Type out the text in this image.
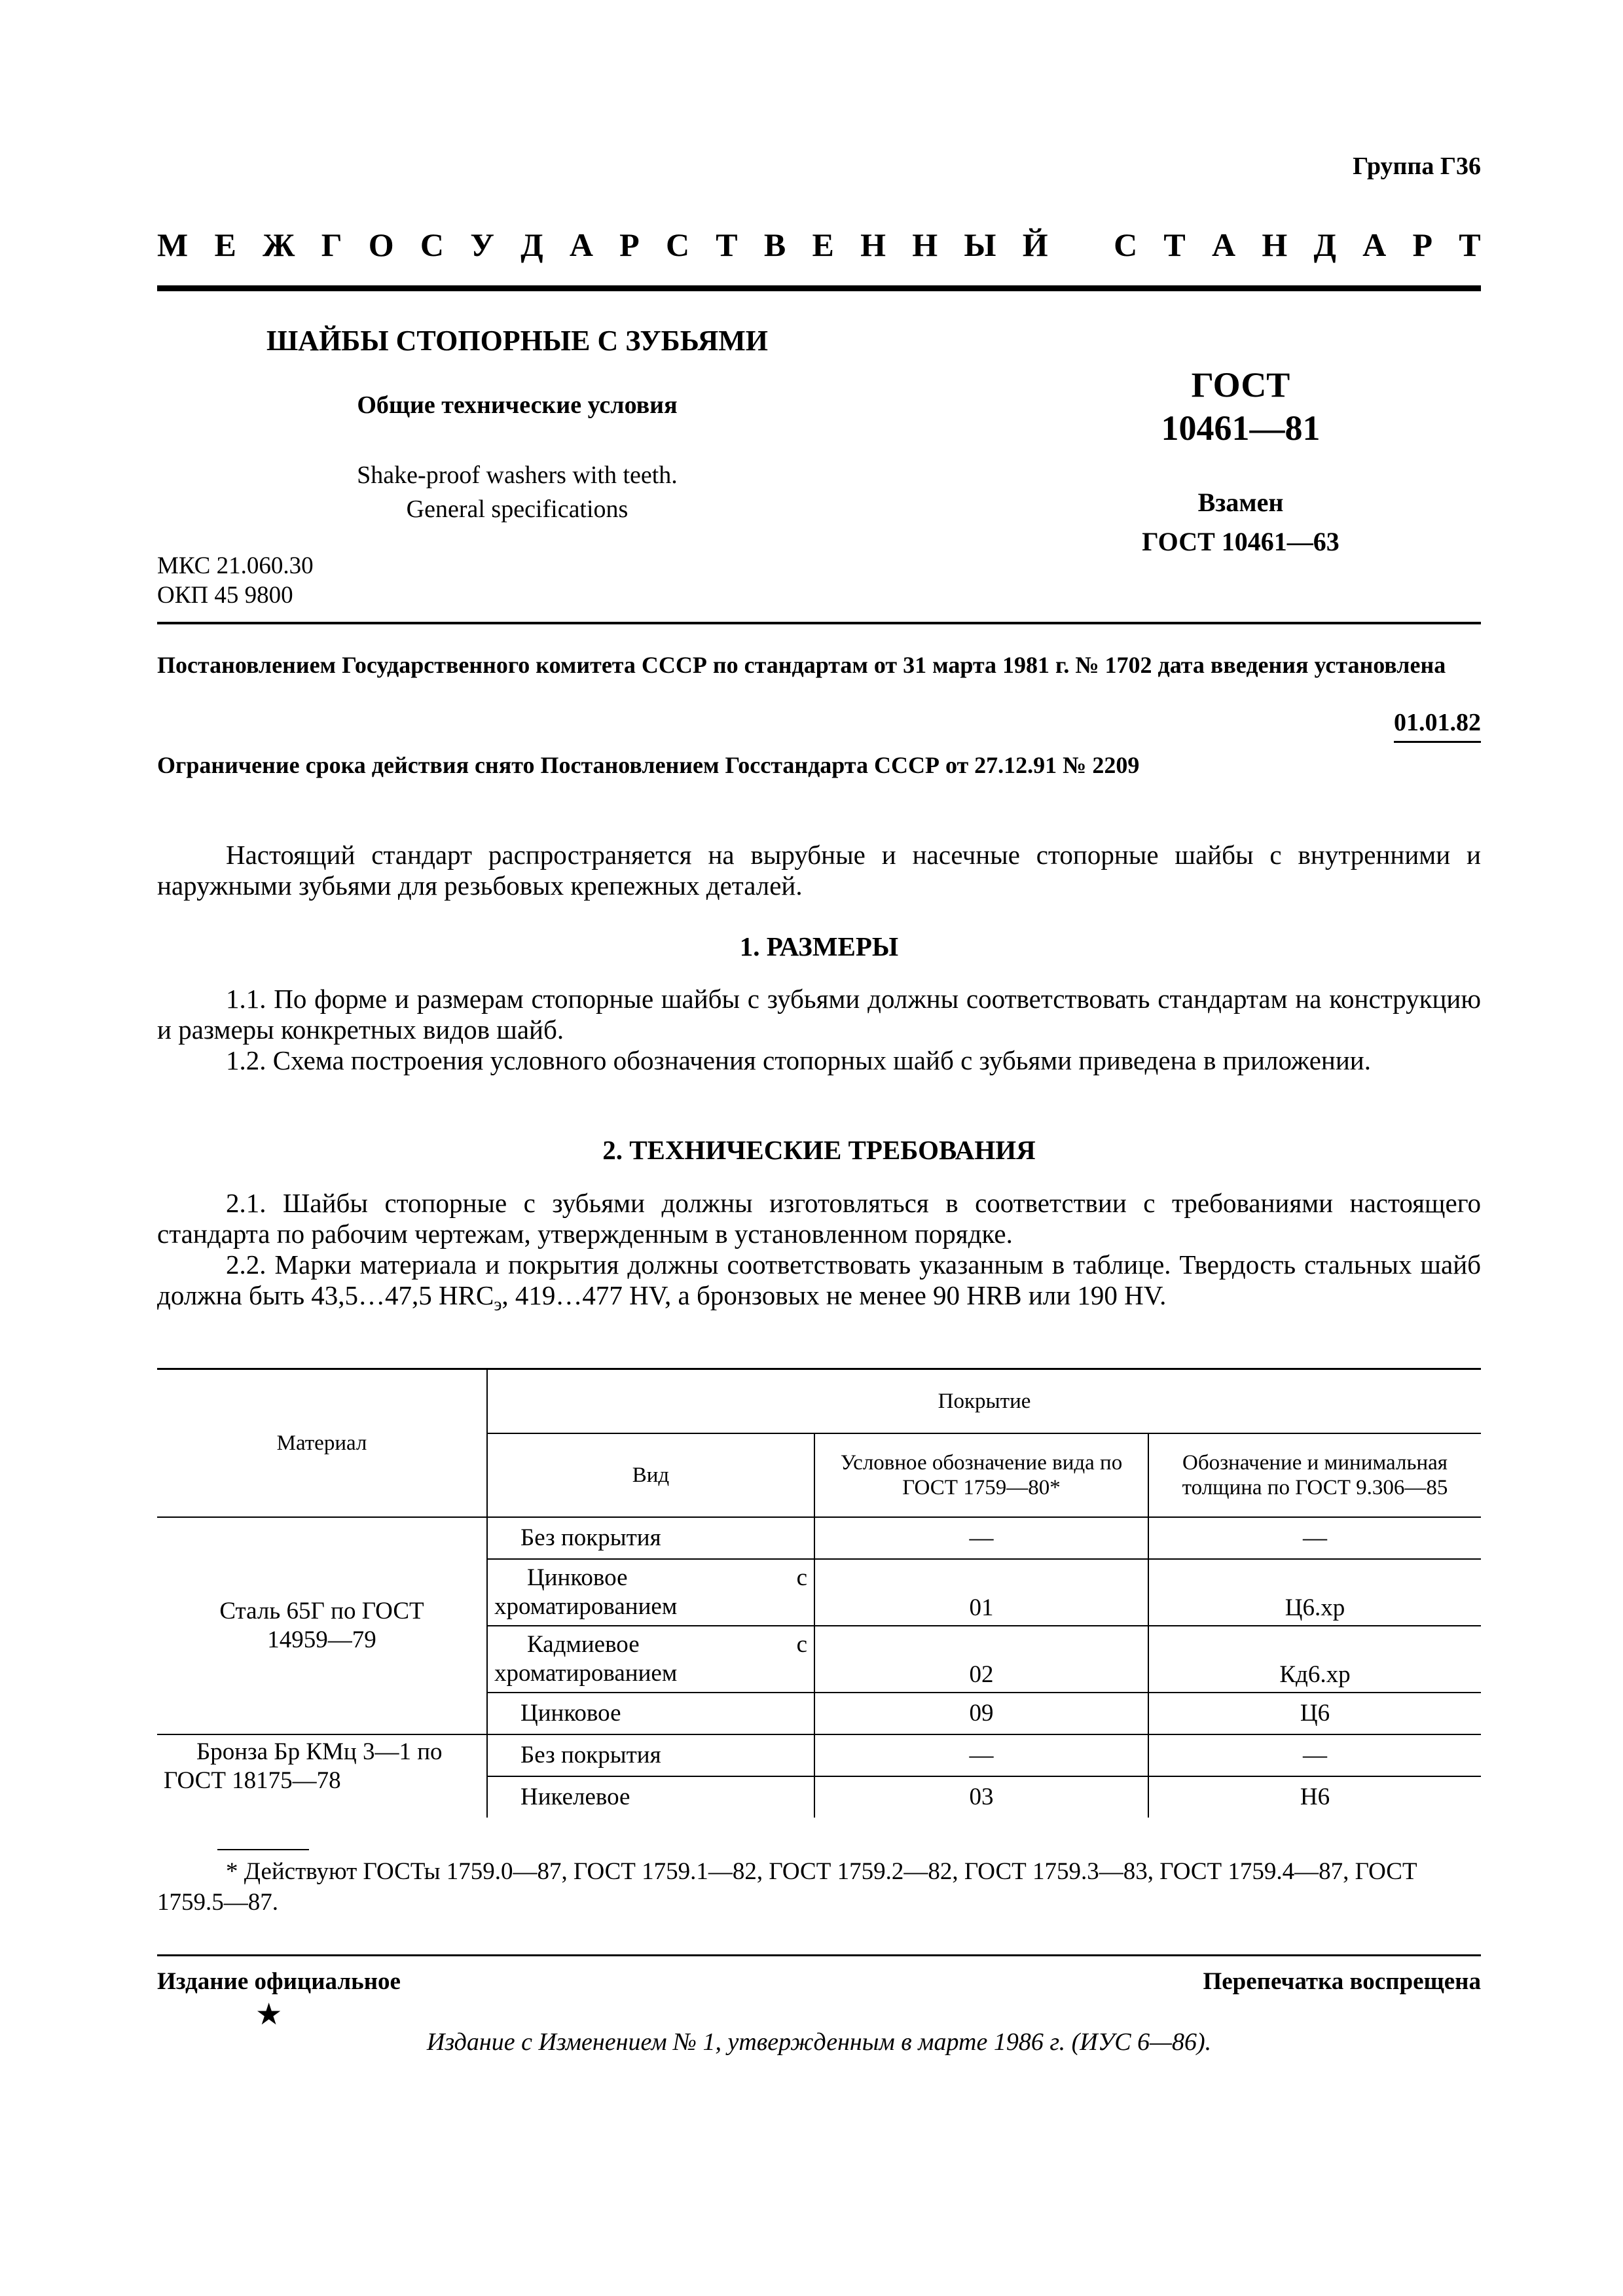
Группа Г36
М Е Ж Г О С У Д А Р С Т В Е Н Н Ы Й С Т А Н Д А Р Т
ШАЙБЫ СТОПОРНЫЕ С ЗУБЬЯМИ
Общие технические условия
Shake-proof washers with teeth.
General specifications
ГОСТ
10461—81
Взамен
ГОСТ 10461—63
МКС 21.060.30
ОКП 45 9800
Постановлением Государственного комитета СССР по стандартам от 31 марта 1981 г. № 1702 дата введения установлена
01.01.82
Ограничение срока действия снято Постановлением Госстандарта СССР от 27.12.91 № 2209
Настоящий стандарт распространяется на вырубные и насечные стопорные шайбы с внутренними и наружными зубьями для резьбовых крепежных деталей.
1. РАЗМЕРЫ
1.1. По форме и размерам стопорные шайбы с зубьями должны соответствовать стандартам на конструкцию и размеры конкретных видов шайб.
1.2. Схема построения условного обозначения стопорных шайб с зубьями приведена в приложении.
2. ТЕХНИЧЕСКИЕ ТРЕБОВАНИЯ
2.1. Шайбы стопорные с зубьями должны изготовляться в соответствии с требованиями настоящего стандарта по рабочим чертежам, утвержденным в установленном порядке.
2.2. Марки материала и покрытия должны соответствовать указанным в таблице. Твердость стальных шайб должна быть 43,5…47,5 $HRC_э$, 419…477 HV, а бронзовых не менее 90 HRB или 190 HV.
Материал	Покрытие		
	Вид	Условное обозначение вида по ГОСТ 1759—80*	Обозначение и минимальная толщина по ГОСТ 9.306—85
Сталь 65Г по ГОСТ 14959—79	Без покрытия	—	—
	Цинковое с хроматированием	01	Ц6.хр
	Кадмиевое с хроматированием	02	Кд6.хр
	Цинковое	09	Ц6
Бронза Бр КМц 3—1 по ГОСТ 18175—78	Без покрытия	—	—
	Никелевое	03	Н6
* Действуют ГОСТы 1759.0—87, ГОСТ 1759.1—82, ГОСТ 1759.2—82, ГОСТ 1759.3—83, ГОСТ 1759.4—87, ГОСТ 1759.5—87.
Издание официальное	Перепечатка воспрещена
★
Издание с Изменением № 1, утвержденным в марте 1986 г. (ИУС 6—86).
